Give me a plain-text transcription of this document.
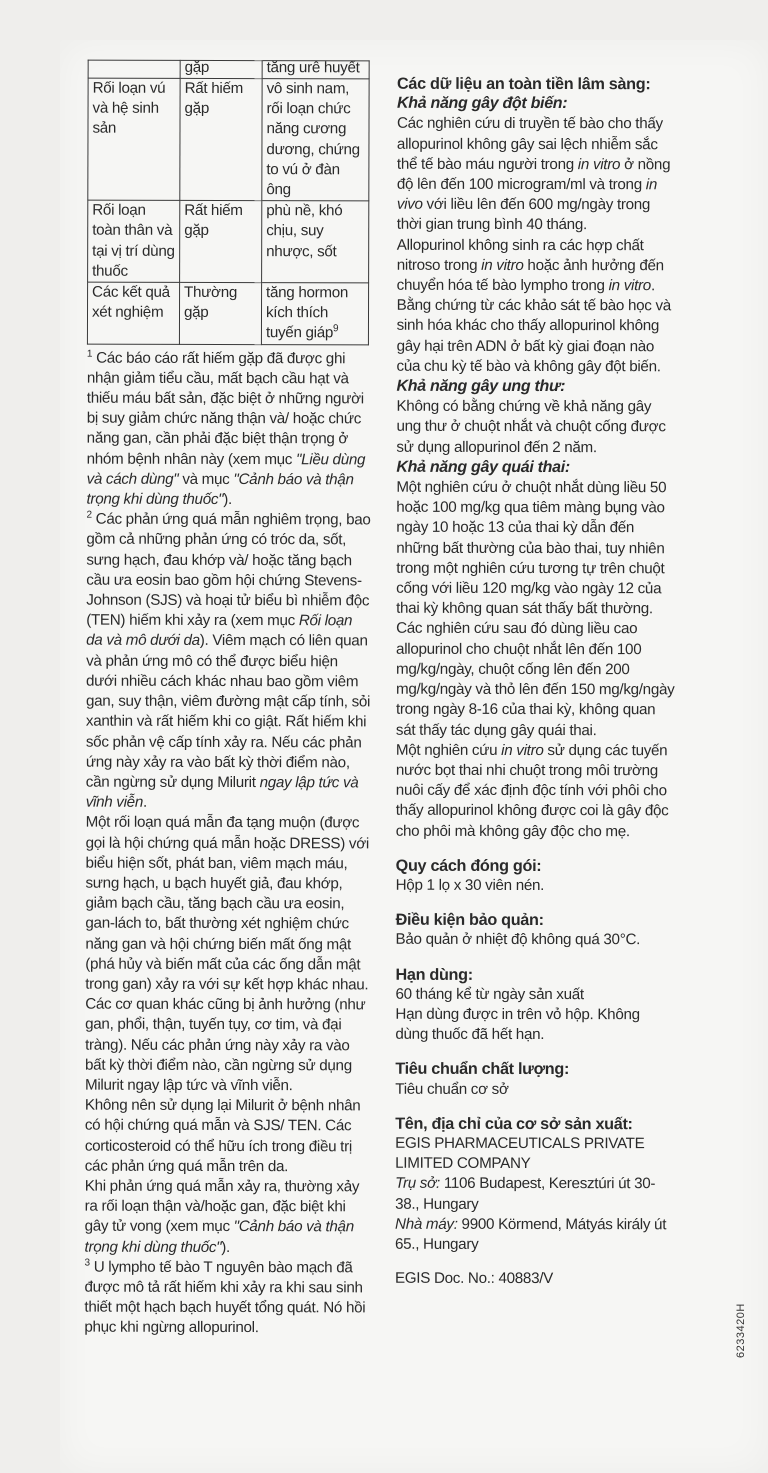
	gặp	tăng urê huyết
Rối loạn vú và hệ sinh sản	Rất hiếm gặp	vô sinh nam, rối loạn chức năng cương dương, chứng to vú ở đàn ông
Rối loạn toàn thân và tại vị trí dùng thuốc	Rất hiếm gặp	phù nề, khó chịu, suy nhược, sốt
Các kết quả xét nghiệm	Thường gặp	tăng hormon kích thích tuyến giáp$^9$

$^1$ Các báo cáo rất hiếm gặp đã được ghi nhận giảm tiểu cầu, mất bạch cầu hạt và thiếu máu bất sản, đặc biệt ở những người bị suy giảm chức năng thận và/ hoặc chức năng gan, cần phải đặc biệt thận trọng ở nhóm bệnh nhân này (xem mục "Liều dùng và cách dùng" và mục "Cảnh báo và thận trọng khi dùng thuốc").

$^2$ Các phản ứng quá mẫn nghiêm trọng, bao gồm cả những phản ứng có tróc da, sốt, sưng hạch, đau khớp và/ hoặc tăng bạch cầu ưa eosin bao gồm hội chứng Stevens-Johnson (SJS) và hoại tử biểu bì nhiễm độc (TEN) hiếm khi xảy ra (xem mục Rối loạn da và mô dưới da). Viêm mạch có liên quan và phản ứng mô có thể được biểu hiện dưới nhiều cách khác nhau bao gồm viêm gan, suy thận, viêm đường mật cấp tính, sỏi xanthin và rất hiếm khi co giật. Rất hiếm khi sốc phản vệ cấp tính xảy ra. Nếu các phản ứng này xảy ra vào bất kỳ thời điểm nào, cần ngừng sử dụng Milurit ngay lập tức và vĩnh viễn.

Một rối loạn quá mẫn đa tạng muộn (được gọi là hội chứng quá mẫn hoặc DRESS) với biểu hiện sốt, phát ban, viêm mạch máu, sưng hạch, u bạch huyết giả, đau khớp, giảm bạch cầu, tăng bạch cầu ưa eosin, gan-lách to, bất thường xét nghiệm chức năng gan và hội chứng biến mất ống mật (phá hủy và biến mất của các ống dẫn mật trong gan) xảy ra với sự kết hợp khác nhau. Các cơ quan khác cũng bị ảnh hưởng (như gan, phổi, thận, tuyến tụy, cơ tim, và đại tràng). Nếu các phản ứng này xảy ra vào bất kỳ thời điểm nào, cần ngừng sử dụng Milurit ngay lập tức và vĩnh viễn.

Không nên sử dụng lại Milurit ở bệnh nhân có hội chứng quá mẫn và SJS/ TEN. Các corticosteroid có thể hữu ích trong điều trị các phản ứng quá mẫn trên da.

Khi phản ứng quá mẫn xảy ra, thường xảy ra rối loạn thận và/hoặc gan, đặc biệt khi gây tử vong (xem mục "Cảnh báo và thận trọng khi dùng thuốc").

$^3$ U lympho tế bào T nguyên bào mạch đã được mô tả rất hiếm khi xảy ra khi sau sinh thiết một hạch bạch huyết tổng quát. Nó hồi phục khi ngừng allopurinol.

Các dữ liệu an toàn tiền lâm sàng:

Khả năng gây đột biến:

Các nghiên cứu di truyền tế bào cho thấy allopurinol không gây sai lệch nhiễm sắc thể tế bào máu người trong in vitro ở nồng độ lên đến 100 microgram/ml và trong in vivo với liều lên đến 600 mg/ngày trong thời gian trung bình 40 tháng.

Allopurinol không sinh ra các hợp chất nitroso trong in vitro hoặc ảnh hưởng đến chuyển hóa tế bào lympho trong in vitro.

Bằng chứng từ các khảo sát tế bào học và sinh hóa khác cho thấy allopurinol không gây hại trên ADN ở bất kỳ giai đoạn nào của chu kỳ tế bào và không gây đột biến.

Khả năng gây ung thư:

Không có bằng chứng về khả năng gây ung thư ở chuột nhắt và chuột cống được sử dụng allopurinol đến 2 năm.

Khả năng gây quái thai:

Một nghiên cứu ở chuột nhắt dùng liều 50 hoặc 100 mg/kg qua tiêm màng bụng vào ngày 10 hoặc 13 của thai kỳ dẫn đến những bất thường của bào thai, tuy nhiên trong một nghiên cứu tương tự trên chuột cống với liều 120 mg/kg vào ngày 12 của thai kỳ không quan sát thấy bất thường. Các nghiên cứu sau đó dùng liều cao allopurinol cho chuột nhắt lên đến 100 mg/kg/ngày, chuột cống lên đến 200 mg/kg/ngày và thỏ lên đến 150 mg/kg/ngày trong ngày 8-16 của thai kỳ, không quan sát thấy tác dụng gây quái thai.

Một nghiên cứu in vitro sử dụng các tuyến nước bọt thai nhi chuột trong môi trường nuôi cấy để xác định độc tính với phôi cho thấy allopurinol không được coi là gây độc cho phôi mà không gây độc cho mẹ.

Quy cách đóng gói:

Hộp 1 lọ x 30 viên nén.

Điều kiện bảo quản:

Bảo quản ở nhiệt độ không quá 30°C.

Hạn dùng:

60 tháng kể từ ngày sản xuất

Hạn dùng được in trên vỏ hộp. Không dùng thuốc đã hết hạn.

Tiêu chuẩn chất lượng:

Tiêu chuẩn cơ sở

Tên, địa chỉ của cơ sở sản xuất:

EGIS PHARMACEUTICALS PRIVATE LIMITED COMPANY

Trụ sở: 1106 Budapest, Keresztúri út 30-38., Hungary

Nhà máy: 9900 Körmend, Mátyás király út 65., Hungary

EGIS Doc. No.: 40883/V

6233420H
